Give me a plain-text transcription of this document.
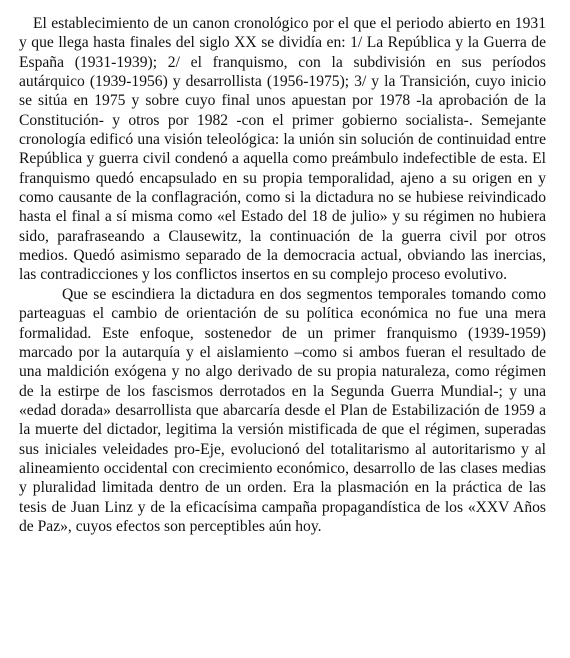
El establecimiento de un canon cronológico por el que el periodo abierto en 1931 y que llega hasta finales del siglo XX se dividía en: 1/ La República y la Guerra de España (1931-1939); 2/ el franquismo, con la subdivisión en sus períodos autárquico (1939-1956) y desarrollista (1956-1975); 3/ y la Transición, cuyo inicio se sitúa en 1975 y sobre cuyo final unos apuestan por 1978 -la aprobación de la Constitución- y otros por 1982 -con el primer gobierno socialista-. Semejante cronología edificó una visión teleológica: la unión sin solución de continuidad entre República y guerra civil condenó a aquella como preámbulo indefectible de esta. El franquismo quedó encapsulado en su propia temporalidad, ajeno a su origen en y como causante de la conflagración, como si la dictadura no se hubiese reivindicado hasta el final a sí misma como «el Estado del 18 de julio» y su régimen no hubiera sido, parafraseando a Clausewitz, la continuación de la guerra civil por otros medios. Quedó asimismo separado de la democracia actual, obviando las inercias, las contradicciones y los conflictos insertos en su complejo proceso evolutivo.

Que se escindiera la dictadura en dos segmentos temporales tomando como parteaguas el cambio de orientación de su política económica no fue una mera formalidad. Este enfoque, sostenedor de un primer franquismo (1939-1959) marcado por la autarquía y el aislamiento –como si ambos fueran el resultado de una maldición exógena y no algo derivado de su propia naturaleza, como régimen de la estirpe de los fascismos derrotados en la Segunda Guerra Mundial-; y una «edad dorada» desarrollista que abarcaría desde el Plan de Estabilización de 1959 a la muerte del dictador, legitima la versión mistificada de que el régimen, superadas sus iniciales veleidades pro-Eje, evolucionó del totalitarismo al autoritarismo y al alineamiento occidental con crecimiento económico, desarrollo de las clases medias y pluralidad limitada dentro de un orden. Era la plasmación en la práctica de las tesis de Juan Linz y de la eficacísima campaña propagandística de los «XXV Años de Paz», cuyos efectos son perceptibles aún hoy.
